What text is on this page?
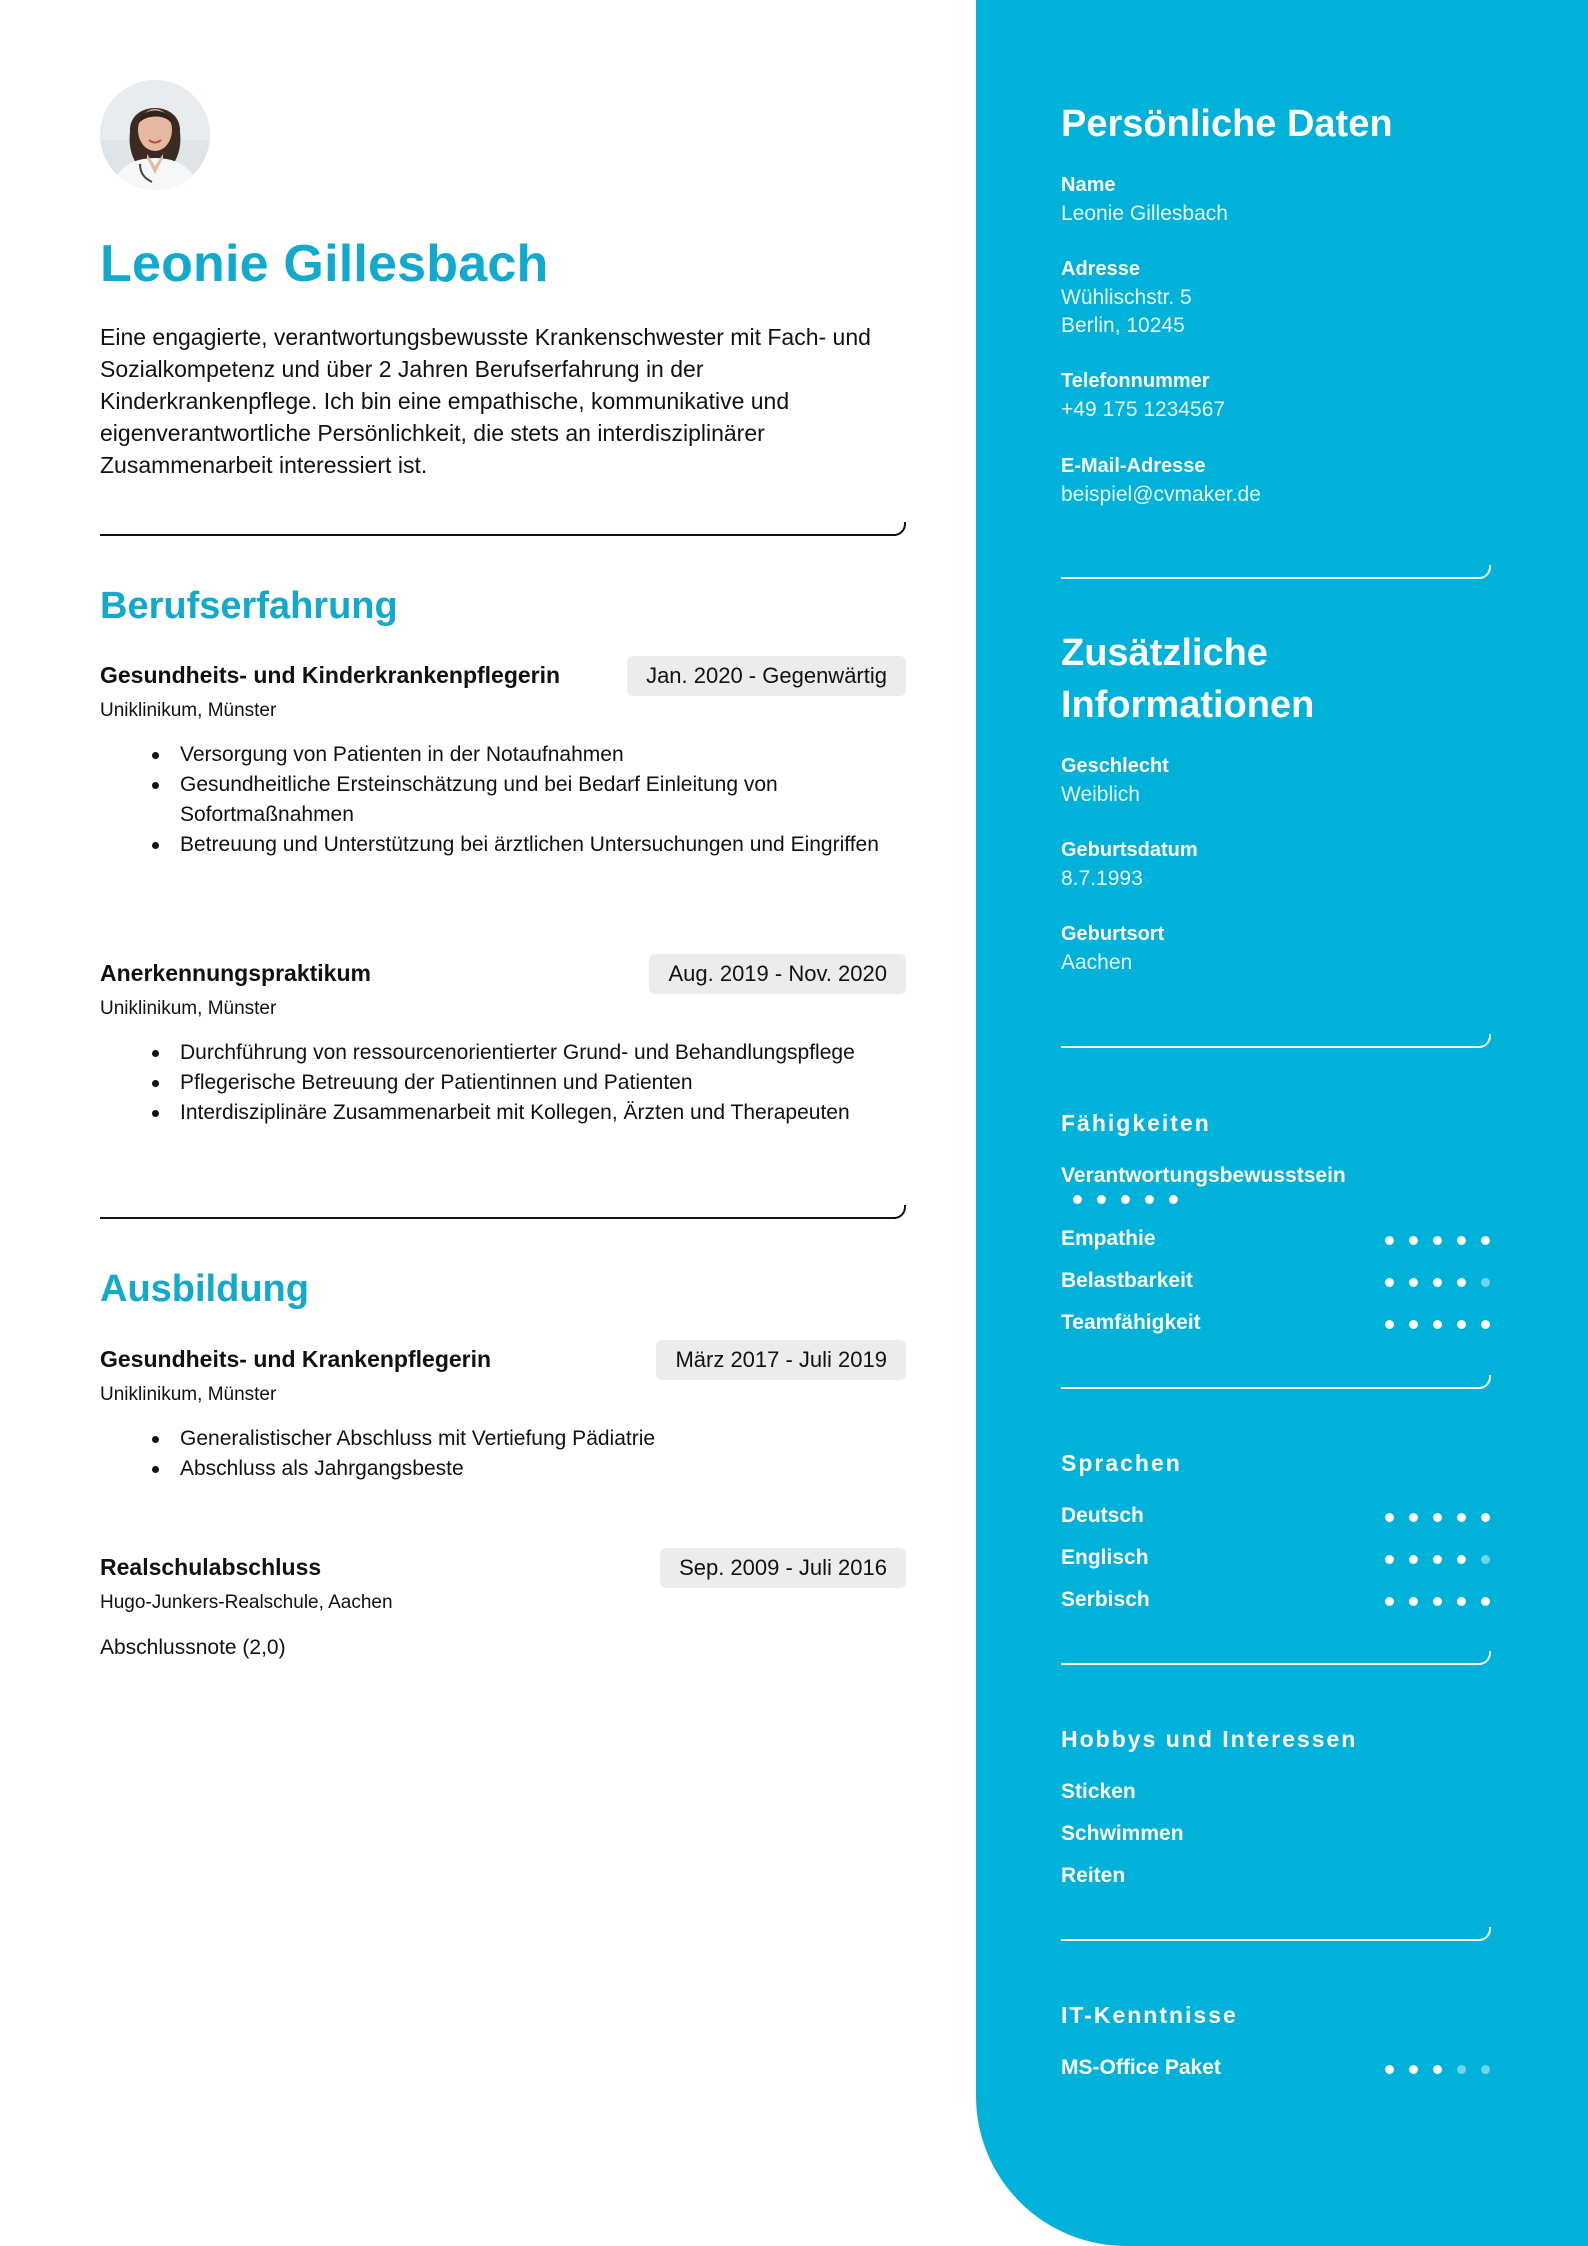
Leonie Gillesbach
Eine engagierte, verantwortungsbewusste Krankenschwester mit Fach- und Sozialkompetenz und über 2 Jahren Berufserfahrung in der Kinderkrankenpflege. Ich bin eine empathische, kommunikative und eigenverantwortliche Persönlichkeit, die stets an interdisziplinärer Zusammenarbeit interessiert ist.
Berufserfahrung
Gesundheits- und Kinderkrankenpflegerin	Jan. 2020 - Gegenwärtig
Uniklinikum, Münster
Versorgung von Patienten in der Notaufnahmen
Gesundheitliche Ersteinschätzung und bei Bedarf Einleitung von Sofortmaßnahmen
Betreuung und Unterstützung bei ärztlichen Untersuchungen und Eingriffen
Anerkennungspraktikum	Aug. 2019 - Nov. 2020
Uniklinikum, Münster
Durchführung von ressourcenorientierter Grund- und Behandlungspflege
Pflegerische Betreuung der Patientinnen und Patienten
Interdisziplinäre Zusammenarbeit mit Kollegen, Ärzten und Therapeuten
Ausbildung
Gesundheits- und Krankenpflegerin	März 2017 - Juli 2019
Uniklinikum, Münster
Generalistischer Abschluss mit Vertiefung Pädiatrie
Abschluss als Jahrgangsbeste
Realschulabschluss	Sep. 2009 - Juli 2016
Hugo-Junkers-Realschule, Aachen
Abschlussnote (2,0)
Persönliche Daten
Name
Leonie Gillesbach
Adresse
Wühlischstr. 5
Berlin, 10245
Telefonnummer
+49 175 1234567
E-Mail-Adresse
beispiel@cvmaker.de
Zusätzliche
Informationen
Geschlecht
Weiblich
Geburtsdatum
8.7.1993
Geburtsort
Aachen
Fähigkeiten
Verantwortungsbewusstsein
Empathie
Belastbarkeit
Teamfähigkeit
Sprachen
Deutsch
Englisch
Serbisch
Hobbys und Interessen
Sticken
Schwimmen
Reiten
IT-Kenntnisse
MS-Office Paket
